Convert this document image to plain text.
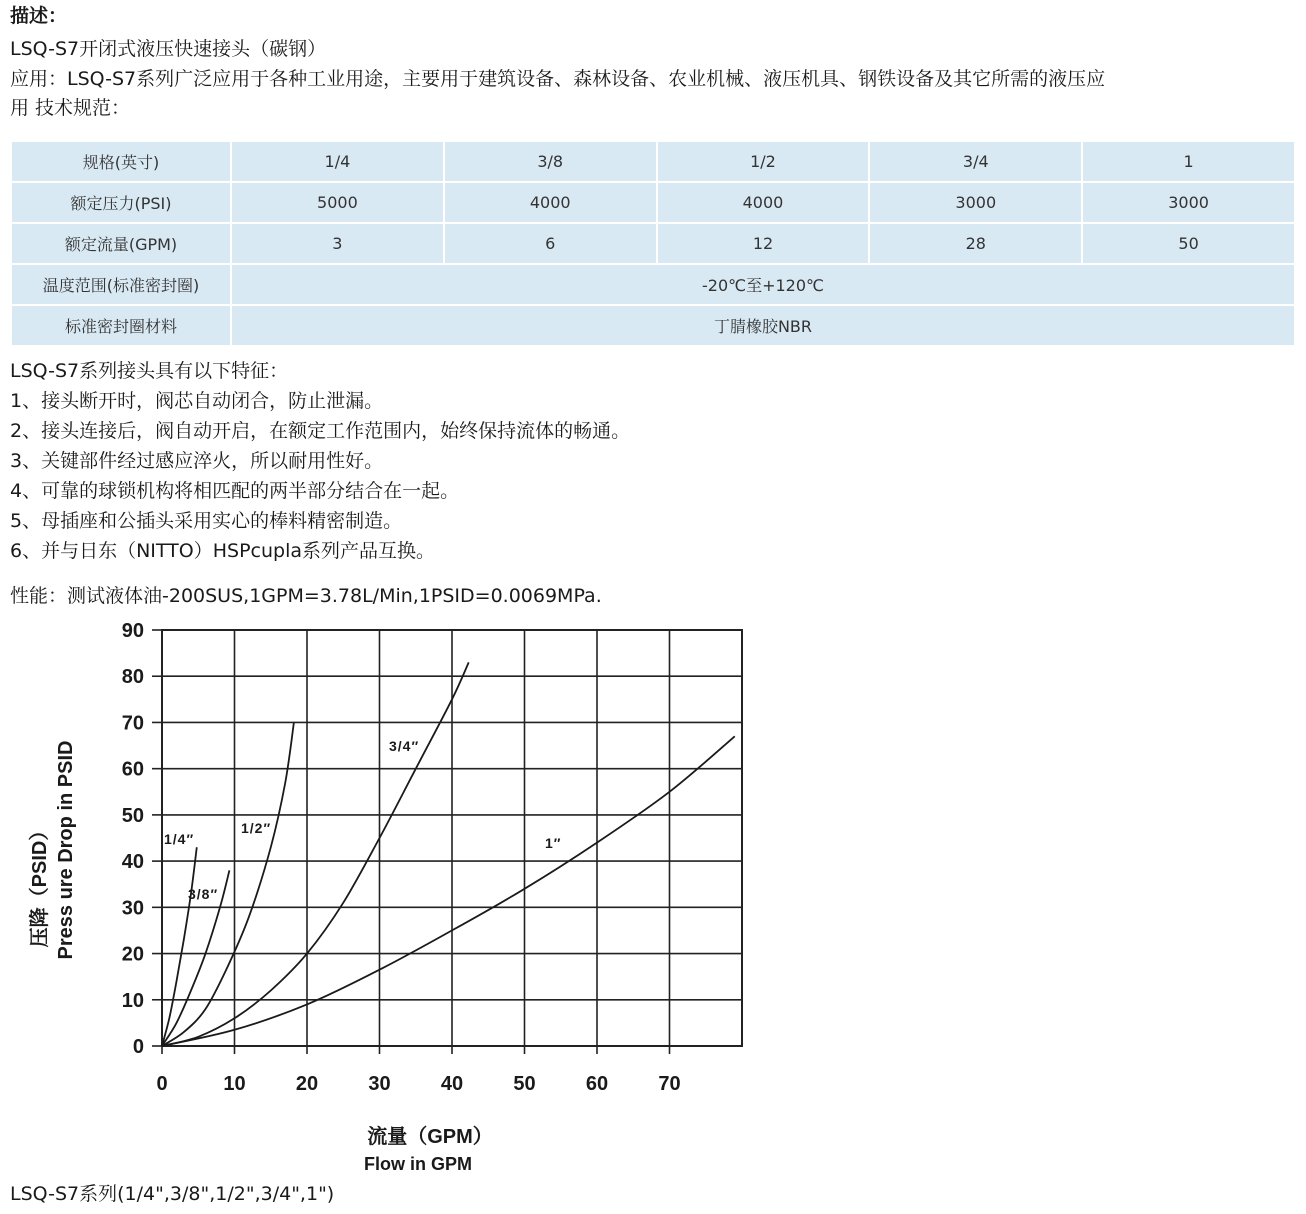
描述：
LSQ-S7开闭式液压快速接头（碳钢）
应用：LSQ-S7系列广泛应用于各种工业用途，主要用于建筑设备、森林设备、农业机械、液压机具、钢铁设备及其它所需的液压应
用 技术规范：
规格(英寸)	1/4	3/8	1/2	3/4	1
额定压力(PSI)	5000	4000	4000	3000	3000
额定流量(GPM)	3	6	12	28	50
温度范围(标准密封圈)	-20℃至+120℃				
标准密封圈材料	丁腈橡胶NBR				
LSQ-S7系列接头具有以下特征：
1、接头断开时，阀芯自动闭合，防止泄漏。
2、接头连接后，阀自动开启，在额定工作范围内，始终保持流体的畅通。
3、关键部件经过感应淬火，所以耐用性好。
4、可靠的球锁机构将相匹配的两半部分结合在一起。
5、母插座和公插头采用实心的棒料精密制造。
6、并与日东（NITTO）HSPcupla系列产品互换。
性能：测试液体油-200SUS,1GPM=3.78L/Min,1PSID=0.0069MPa.
0
10
20
30
40
50
60
70
80
90
0	10	20	30	40	50	60	70
1/4″
3/8″
1/2″
3/4″
1″
流量（GPM）
Flow in GPM
压降（PSID） Press ure Drop in PSID
LSQ-S7系列(1/4",3/8",1/2",3/4",1")
